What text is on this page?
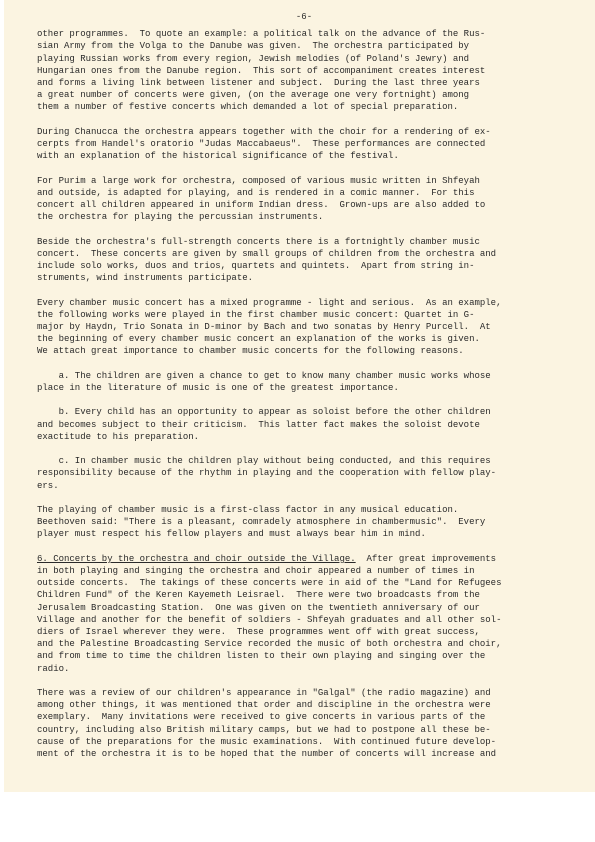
-6-
other programmes.  To quote an example: a political talk on the advance of the Rus-
sian Army from the Volga to the Danube was given.  The orchestra participated by
playing Russian works from every region, Jewish melodies (of Poland's Jewry) and
Hungarian ones from the Danube region.  This sort of accompaniment creates interest
and forms a living link between listener and subject.  During the last three years
a great number of concerts were given, (on the average one very fortnight) among
them a number of festive concerts which demanded a lot of special preparation.
During Chanucca the orchestra appears together with the choir for a rendering of ex-
cerpts from Handel's oratorio "Judas Maccabaeus".  These performances are connected
with an explanation of the historical significance of the festival.
For Purim a large work for orchestra, composed of various music written in Shfeyah
and outside, is adapted for playing, and is rendered in a comic manner.  For this
concert all children appeared in uniform Indian dress.  Grown-ups are also added to
the orchestra for playing the percussian instruments.
Beside the orchestra's full-strength concerts there is a fortnightly chamber music
concert.  These concerts are given by small groups of children from the orchestra and
include solo works, duos and trios, quartets and quintets.  Apart from string in-
struments, wind instruments participate.
Every chamber music concert has a mixed programme - light and serious.  As an example,
the following works were played in the first chamber music concert: Quartet in G-
major by Haydn, Trio Sonata in D-minor by Bach and two sonatas by Henry Purcell.  At
the beginning of every chamber music concert an explanation of the works is given.
We attach great importance to chamber music concerts for the following reasons.
a. The children are given a chance to get to know many chamber music works whose
place in the literature of music is one of the greatest importance.
b. Every child has an opportunity to appear as soloist before the other children
and becomes subject to their criticism.  This latter fact makes the soloist devote
exactitude to his preparation.
c. In chamber music the children play without being conducted, and this requires
responsibility because of the rhythm in playing and the cooperation with fellow play-
ers.
The playing of chamber music is a first-class factor in any musical education.
Beethoven said: "There is a pleasant, comradely atmosphere in chambermusic".  Every
player must respect his fellow players and must always bear him in mind.
6. Concerts by the orchestra and choir outside the Village.  After great improvements
in both playing and singing the orchestra and choir appeared a number of times in
outside concerts.  The takings of these concerts were in aid of the "Land for Refugees
Children Fund" of the Keren Kayemeth Leisrael.  There were two broadcasts from the
Jerusalem Broadcasting Station.  One was given on the twentieth anniversary of our
Village and another for the benefit of soldiers - Shfeyah graduates and all other sol-
diers of Israel wherever they were.  These programmes went off with great success,
and the Palestine Broadcasting Service recorded the music of both orchestra and choir,
and from time to time the children listen to their own playing and singing over the
radio.
There was a review of our children's appearance in "Galgal" (the radio magazine) and
among other things, it was mentioned that order and discipline in the orchestra were
exemplary.  Many invitations were received to give concerts in various parts of the
country, including also British military camps, but we had to postpone all these be-
cause of the preparations for the music examinations.  With continued future develop-
ment of the orchestra it is to be hoped that the number of concerts will increase and
